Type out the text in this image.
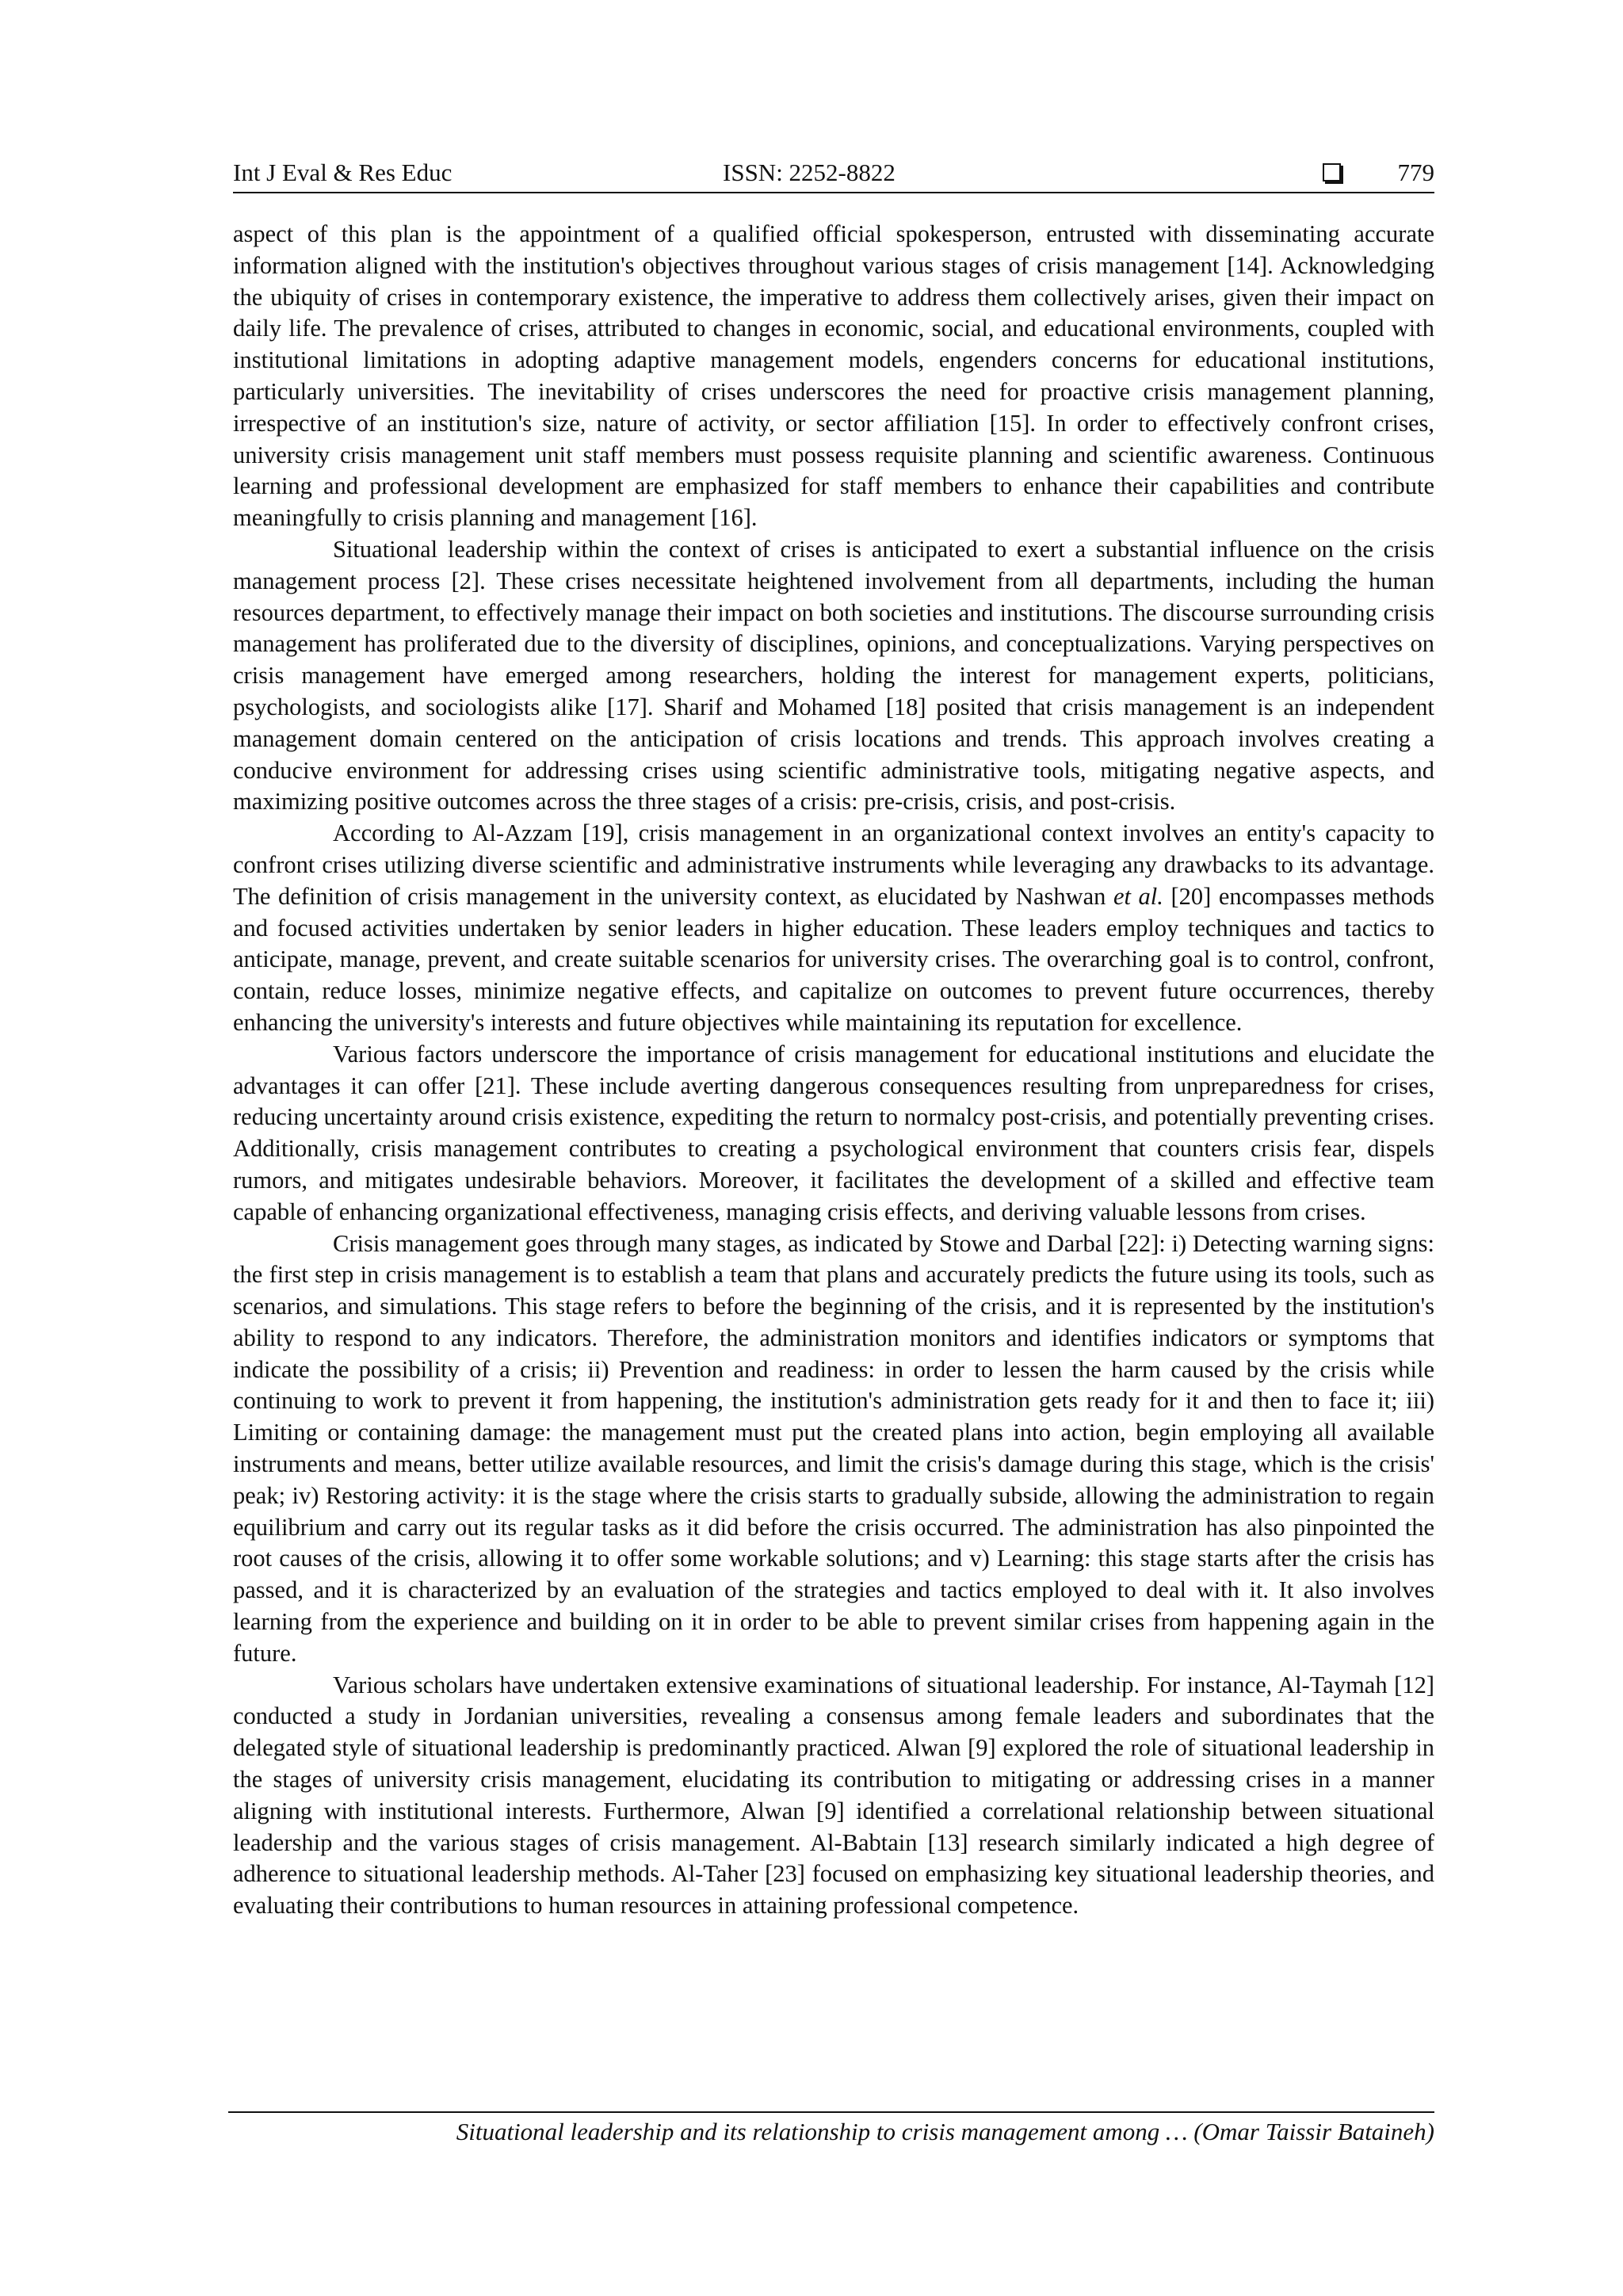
Int J Eval & Res Educ	ISSN: 2252-8822	779

aspect of this plan is the appointment of a qualified official spokesperson, entrusted with disseminating accurate information aligned with the institution's objectives throughout various stages of crisis management [14]. Acknowledging the ubiquity of crises in contemporary existence, the imperative to address them collectively arises, given their impact on daily life. The prevalence of crises, attributed to changes in economic, social, and educational environments, coupled with institutional limitations in adopting adaptive management models, engenders concerns for educational institutions, particularly universities. The inevitability of crises underscores the need for proactive crisis management planning, irrespective of an institution's size, nature of activity, or sector affiliation [15]. In order to effectively confront crises, university crisis management unit staff members must possess requisite planning and scientific awareness. Continuous learning and professional development are emphasized for staff members to enhance their capabilities and contribute meaningfully to crisis planning and management [16].

Situational leadership within the context of crises is anticipated to exert a substantial influence on the crisis management process [2]. These crises necessitate heightened involvement from all departments, including the human resources department, to effectively manage their impact on both societies and institutions. The discourse surrounding crisis management has proliferated due to the diversity of disciplines, opinions, and conceptualizations. Varying perspectives on crisis management have emerged among researchers, holding the interest for management experts, politicians, psychologists, and sociologists alike [17]. Sharif and Mohamed [18] posited that crisis management is an independent management domain centered on the anticipation of crisis locations and trends. This approach involves creating a conducive environment for addressing crises using scientific administrative tools, mitigating negative aspects, and maximizing positive outcomes across the three stages of a crisis: pre-crisis, crisis, and post-crisis.

According to Al-Azzam [19], crisis management in an organizational context involves an entity's capacity to confront crises utilizing diverse scientific and administrative instruments while leveraging any drawbacks to its advantage. The definition of crisis management in the university context, as elucidated by Nashwan et al. [20] encompasses methods and focused activities undertaken by senior leaders in higher education. These leaders employ techniques and tactics to anticipate, manage, prevent, and create suitable scenarios for university crises. The overarching goal is to control, confront, contain, reduce losses, minimize negative effects, and capitalize on outcomes to prevent future occurrences, thereby enhancing the university's interests and future objectives while maintaining its reputation for excellence.

Various factors underscore the importance of crisis management for educational institutions and elucidate the advantages it can offer [21]. These include averting dangerous consequences resulting from unpreparedness for crises, reducing uncertainty around crisis existence, expediting the return to normalcy post-crisis, and potentially preventing crises. Additionally, crisis management contributes to creating a psychological environment that counters crisis fear, dispels rumors, and mitigates undesirable behaviors. Moreover, it facilitates the development of a skilled and effective team capable of enhancing organizational effectiveness, managing crisis effects, and deriving valuable lessons from crises.

Crisis management goes through many stages, as indicated by Stowe and Darbal [22]: i) Detecting warning signs: the first step in crisis management is to establish a team that plans and accurately predicts the future using its tools, such as scenarios, and simulations. This stage refers to before the beginning of the crisis, and it is represented by the institution's ability to respond to any indicators. Therefore, the administration monitors and identifies indicators or symptoms that indicate the possibility of a crisis; ii) Prevention and readiness: in order to lessen the harm caused by the crisis while continuing to work to prevent it from happening, the institution's administration gets ready for it and then to face it; iii) Limiting or containing damage: the management must put the created plans into action, begin employing all available instruments and means, better utilize available resources, and limit the crisis's damage during this stage, which is the crisis' peak; iv) Restoring activity: it is the stage where the crisis starts to gradually subside, allowing the administration to regain equilibrium and carry out its regular tasks as it did before the crisis occurred. The administration has also pinpointed the root causes of the crisis, allowing it to offer some workable solutions; and v) Learning: this stage starts after the crisis has passed, and it is characterized by an evaluation of the strategies and tactics employed to deal with it. It also involves learning from the experience and building on it in order to be able to prevent similar crises from happening again in the future.

Various scholars have undertaken extensive examinations of situational leadership. For instance, Al-Taymah [12] conducted a study in Jordanian universities, revealing a consensus among female leaders and subordinates that the delegated style of situational leadership is predominantly practiced. Alwan [9] explored the role of situational leadership in the stages of university crisis management, elucidating its contribution to mitigating or addressing crises in a manner aligning with institutional interests. Furthermore, Alwan [9] identified a correlational relationship between situational leadership and the various stages of crisis management. Al-Babtain [13] research similarly indicated a high degree of adherence to situational leadership methods. Al-Taher [23] focused on emphasizing key situational leadership theories, and evaluating their contributions to human resources in attaining professional competence.

Situational leadership and its relationship to crisis management among … (Omar Taissir Bataineh)
